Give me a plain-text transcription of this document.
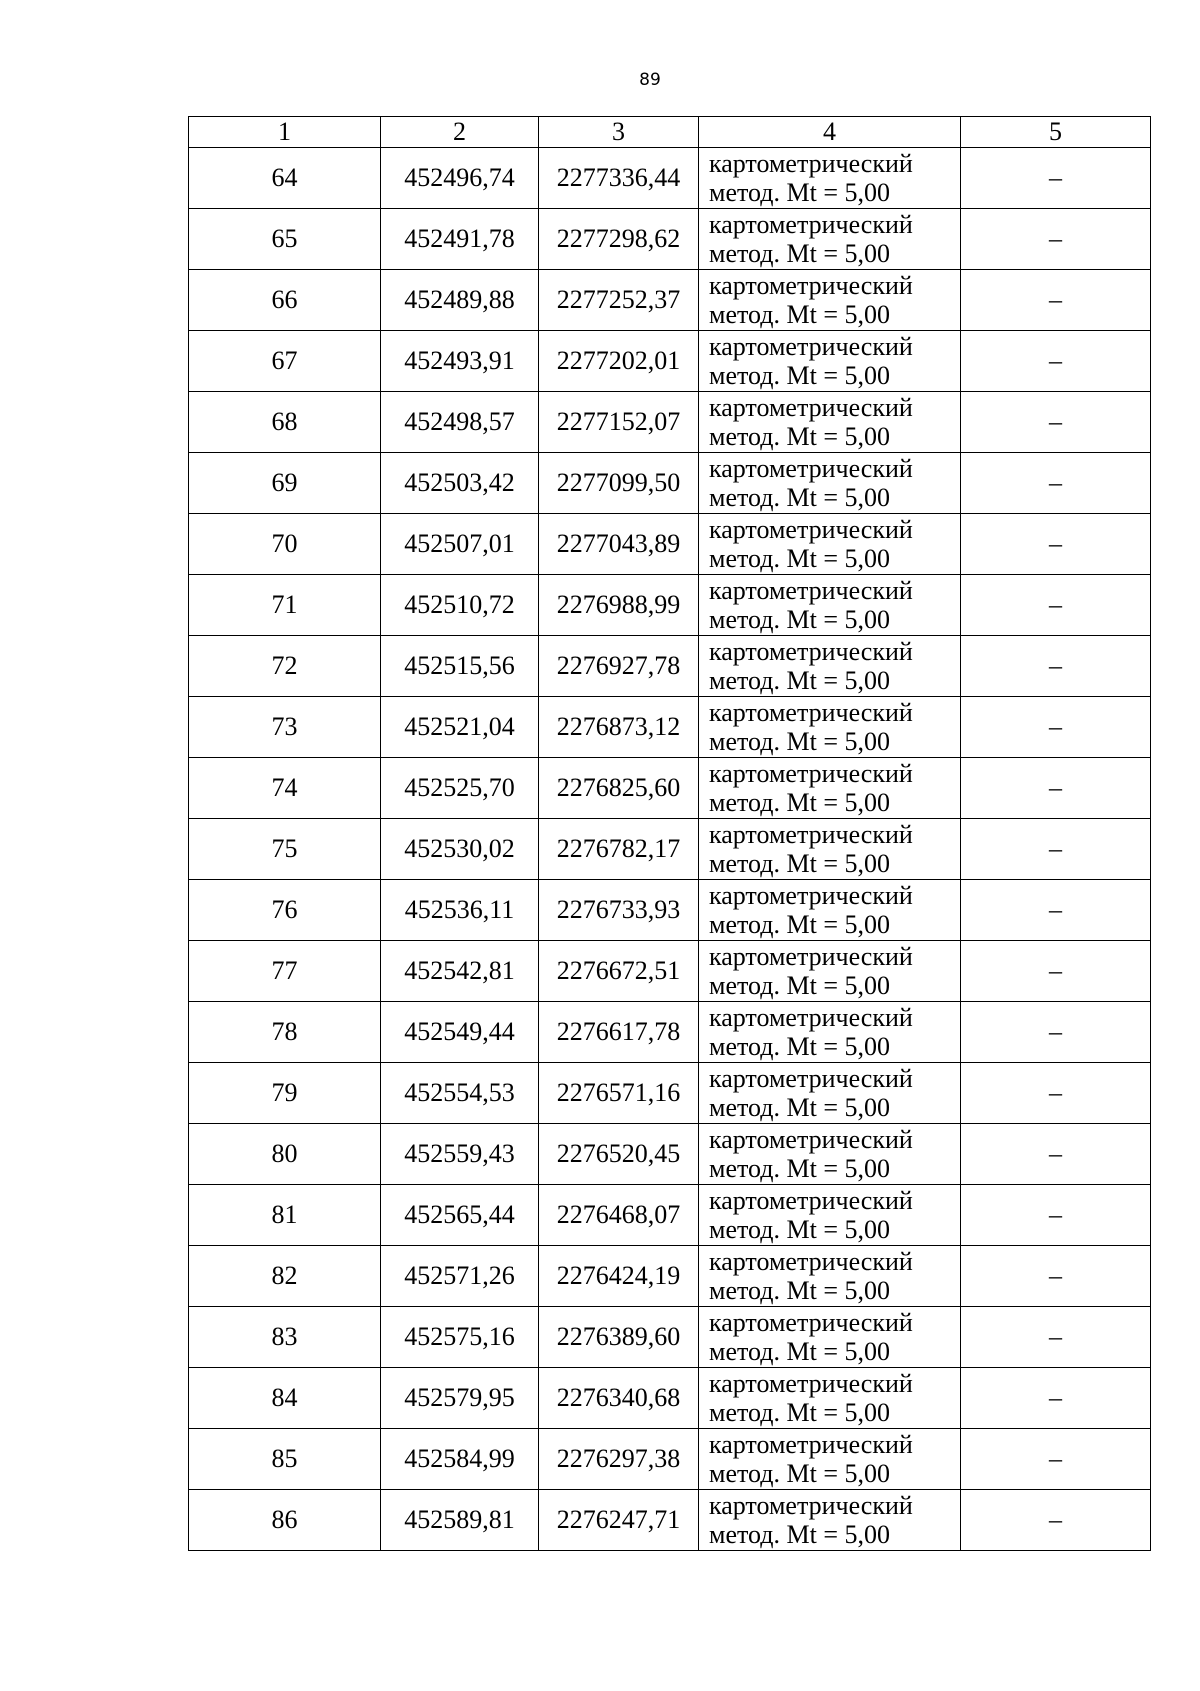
89
1	2	3	4	5
64	452496,74	2277336,44	картометрический
метод. Mt = 5,00	–
65	452491,78	2277298,62	картометрический
метод. Mt = 5,00	–
66	452489,88	2277252,37	картометрический
метод. Mt = 5,00	–
67	452493,91	2277202,01	картометрический
метод. Mt = 5,00	–
68	452498,57	2277152,07	картометрический
метод. Mt = 5,00	–
69	452503,42	2277099,50	картометрический
метод. Mt = 5,00	–
70	452507,01	2277043,89	картометрический
метод. Mt = 5,00	–
71	452510,72	2276988,99	картометрический
метод. Mt = 5,00	–
72	452515,56	2276927,78	картометрический
метод. Mt = 5,00	–
73	452521,04	2276873,12	картометрический
метод. Mt = 5,00	–
74	452525,70	2276825,60	картометрический
метод. Mt = 5,00	–
75	452530,02	2276782,17	картометрический
метод. Mt = 5,00	–
76	452536,11	2276733,93	картометрический
метод. Mt = 5,00	–
77	452542,81	2276672,51	картометрический
метод. Mt = 5,00	–
78	452549,44	2276617,78	картометрический
метод. Mt = 5,00	–
79	452554,53	2276571,16	картометрический
метод. Mt = 5,00	–
80	452559,43	2276520,45	картометрический
метод. Mt = 5,00	–
81	452565,44	2276468,07	картометрический
метод. Mt = 5,00	–
82	452571,26	2276424,19	картометрический
метод. Mt = 5,00	–
83	452575,16	2276389,60	картометрический
метод. Mt = 5,00	–
84	452579,95	2276340,68	картометрический
метод. Mt = 5,00	–
85	452584,99	2276297,38	картометрический
метод. Mt = 5,00	–
86	452589,81	2276247,71	картометрический
метод. Mt = 5,00	–
